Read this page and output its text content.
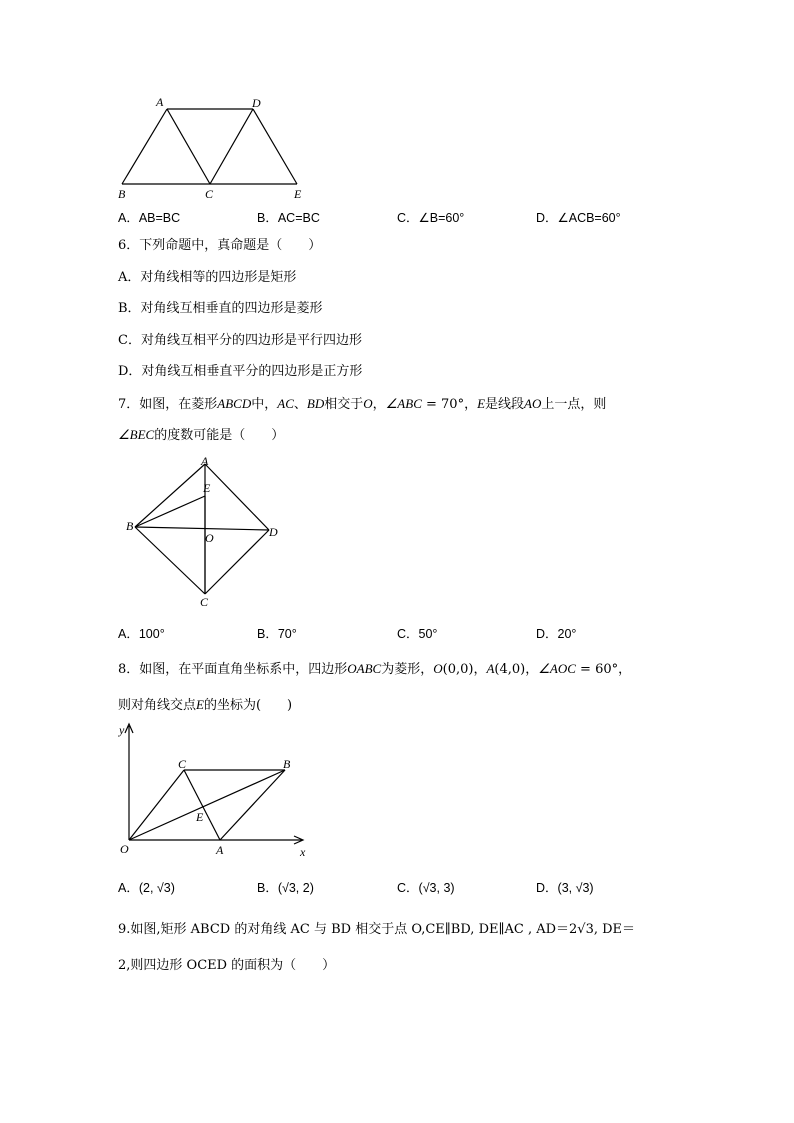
A	D
B	C	E
A．AB=BC	B．AC=BC	C．∠B=60°	D．∠ACB=60°
6．下列命题中，真命题是（　　）
A．对角线相等的四边形是矩形
B．对角线互相垂直的四边形是菱形
C．对角线互相平分的四边形是平行四边形
D．对角线互相垂直平分的四边形是正方形
7．如图，在菱形ABCD中，AC、BD相交于O，∠ABC = 70°，E是线段AO上一点，则
∠BEC的度数可能是（　　）
A
E
B
O	D
C
A．100°	B．70°	C．50°	D．20°
8．如图，在平面直角坐标系中，四边形OABC为菱形，O(0,0)，A(4,0)，∠AOC = 60°，
则对角线交点E的坐标为(　　)
y
C	B
E
O	A	x
A．(2, √3)	B．(√3, 2)	C．(√3, 3)	D．(3, √3)
9.如图,矩形 ABCD 的对角线 AC 与 BD 相交于点 O,CE∥BD, DE∥AC , AD＝2√3, DE＝
2,则四边形 OCED 的面积为（　　）
